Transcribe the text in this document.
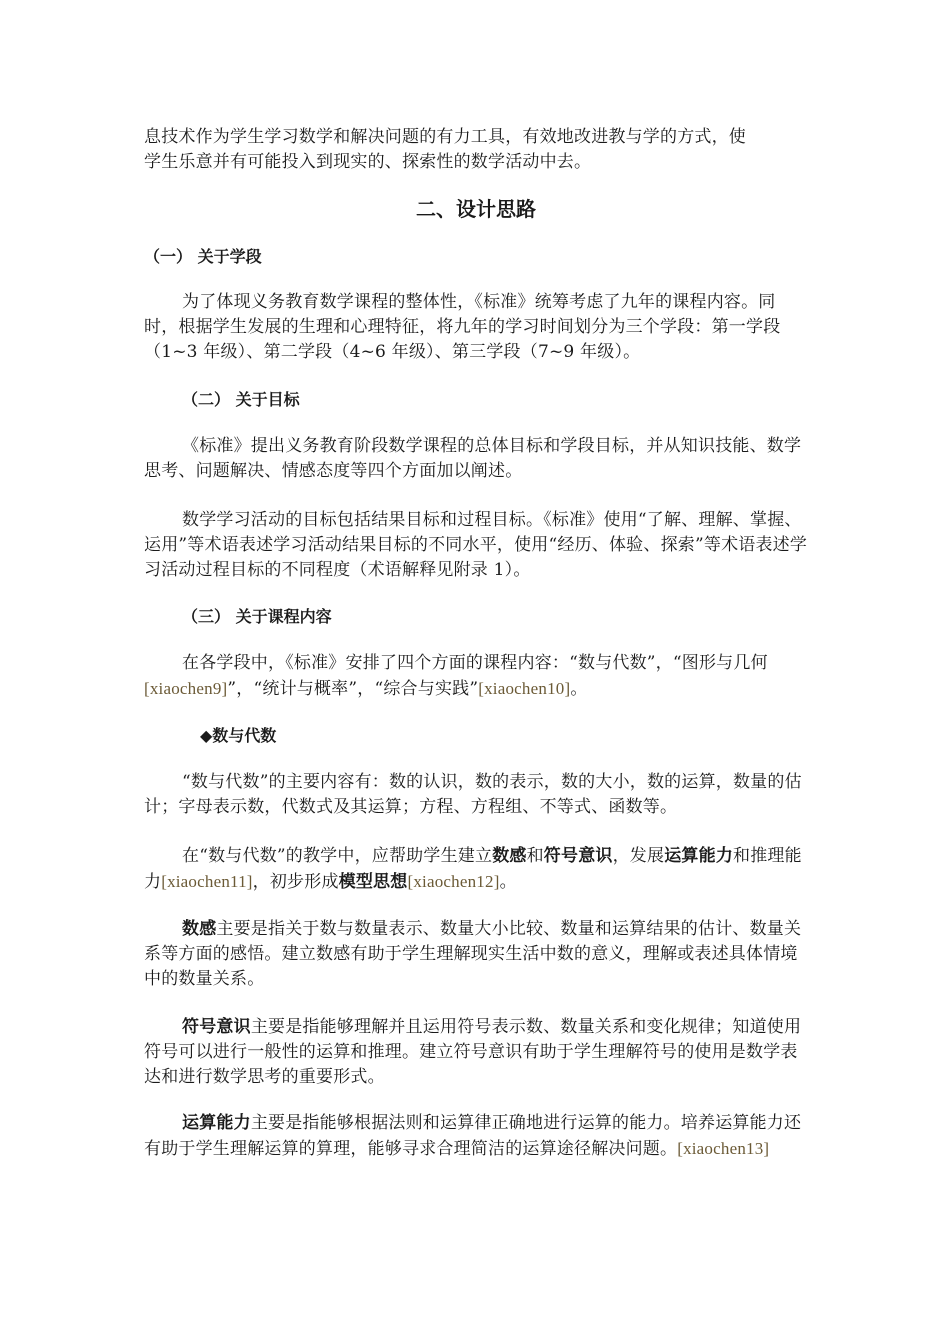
息技术作为学生学习数学和解决问题的有力工具，有效地改进教与学的方式，使
学生乐意并有可能投入到现实的、探索性的数学活动中去。

二、设计思路
（一） 关于学段

为了体现义务教育数学课程的整体性，《标准》统筹考虑了九年的课程内容。同时，根据学生发展的生理和心理特征，将九年的学习时间划分为三个学段：第一学段（1~3 年级）、第二学段（4~6 年级）、第三学段（7~9 年级）。

（二） 关于目标

《标准》提出义务教育阶段数学课程的总体目标和学段目标，并从知识技能、数学思考、问题解决、情感态度等四个方面加以阐述。

数学学习活动的目标包括结果目标和过程目标。《标准》使用“了解、理解、掌握、运用”等术语表述学习活动结果目标的不同水平，使用“经历、体验、探索”等术语表述学习活动过程目标的不同程度（术语解释见附录 1）。

（三） 关于课程内容

在各学段中，《标准》安排了四个方面的课程内容：“数与代数”，“图形与几何[xiaochen9]”，“统计与概率”，“综合与实践”[xiaochen10]。

◆数与代数

“数与代数”的主要内容有：数的认识，数的表示，数的大小，数的运算，数量的估计；字母表示数，代数式及其运算；方程、方程组、不等式、函数等。

在“数与代数”的教学中，应帮助学生建立数感和符号意识，发展运算能力和推理能力[xiaochen11]，初步形成模型思想[xiaochen12]。

数感主要是指关于数与数量表示、数量大小比较、数量和运算结果的估计、数量关系等方面的感悟。建立数感有助于学生理解现实生活中数的意义，理解或表述具体情境中的数量关系。

符号意识主要是指能够理解并且运用符号表示数、数量关系和变化规律；知道使用符号可以进行一般性的运算和推理。建立符号意识有助于学生理解符号的使用是数学表达和进行数学思考的重要形式。

运算能力主要是指能够根据法则和运算律正确地进行运算的能力。培养运算能力还有助于学生理解运算的算理，能够寻求合理简洁的运算途径解决问题。[xiaochen13]
